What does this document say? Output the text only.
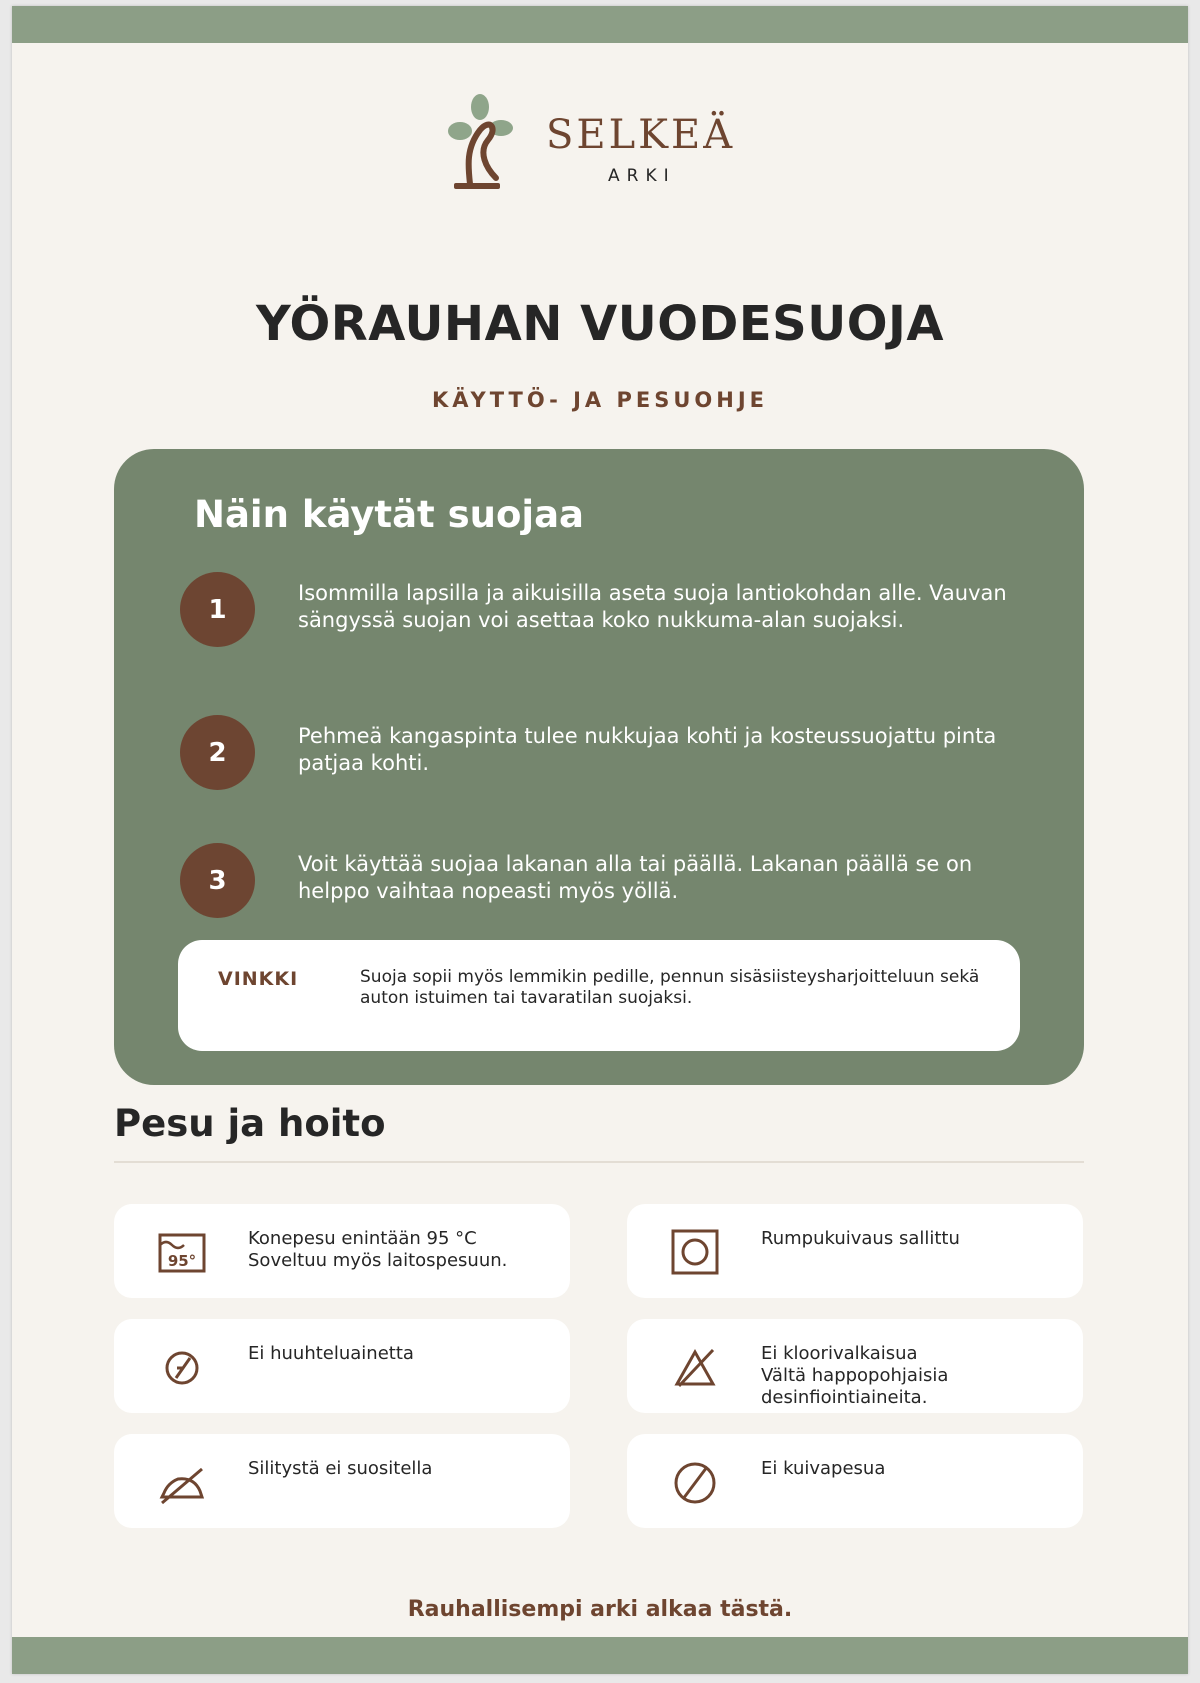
SELKEÄ
ARKI
YÖRAUHAN VUODESUOJA
KÄYTTÖ- JA PESUOHJE
Näin käytät suojaa
1
Isommilla lapsilla ja aikuisilla aseta suoja lantiokohdan alle. Vauvan sängyssä suojan voi asettaa koko nukkuma-alan suojaksi.
2
Pehmeä kangaspinta tulee nukkujaa kohti ja kosteussuojattu pinta patjaa kohti.
3
Voit käyttää suojaa lakanan alla tai päällä. Lakanan päällä se on helppo vaihtaa nopeasti myös yöllä.
VINKKI	Suoja sopii myös lemmikin pedille, pennun sisäsiisteysharjoitteluun sekä auton istuimen tai tavaratilan suojaksi.
Pesu ja hoito
95°
Konepesu enintään 95 °C
Soveltuu myös laitospesuun.
Rumpukuivaus sallittu
Ei huuhteluainetta	Ei kloorivalkaisua
Vältä happopohjaisia
desinfiointiaineita.
Silitystä ei suositella	Ei kuivapesua
Rauhallisempi arki alkaa tästä.
